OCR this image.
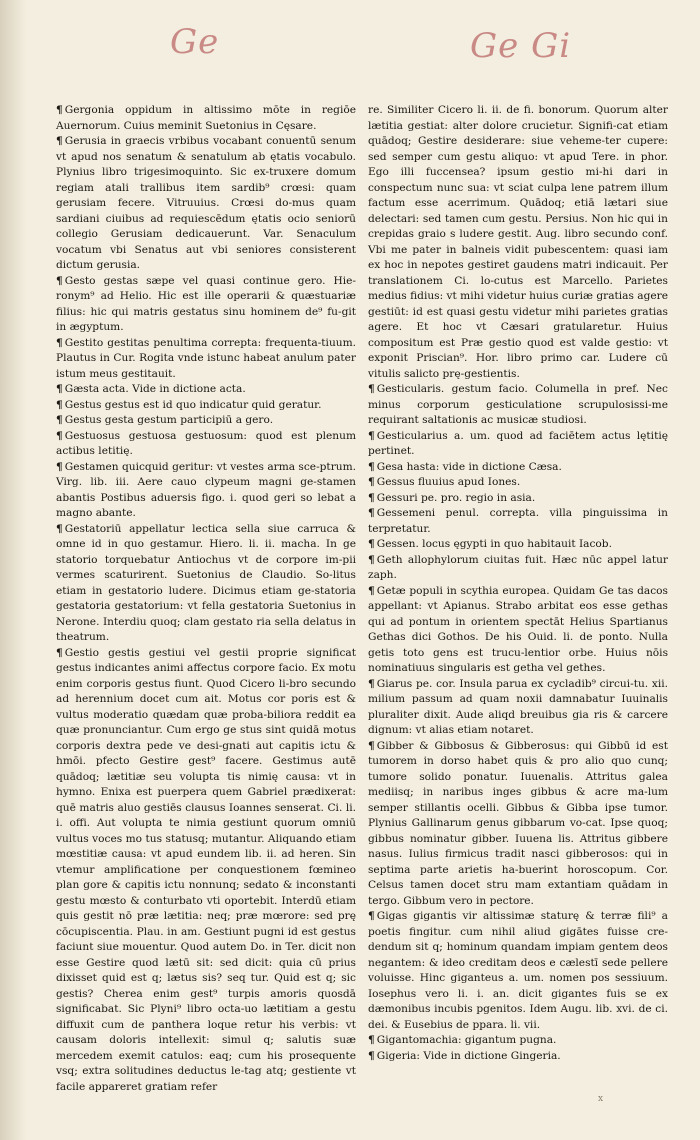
Ge	Ge Gi

¶ Gergonia oppidum in altissimo mōte in regiōe Auernorum. Cuius meminit Suetonius in Cęsare.

¶ Gerusia in graecis vrbibus vocabant conuentū senum vt apud nos senatum & senatulum ab ętatis vocabulo. Plynius libro trigesimoquinto. Sic ex-truxere domum regiam atali trallibus item sardib⁹ crœsi: quam gerusiam fecere. Vitruuius. Crœsi do-mus quam sardiani ciuibus ad requiescēdum ętatis ocio seniorū collegio Gerusiam dedicauerunt. Var. Senaculum vocatum vbi Senatus aut vbi seniores consisterent dictum gerusia.

¶ Gesto gestas sæpe vel quasi continue gero. Hie-ronym⁹ ad Helio. Hic est ille operarii & quæstuariæ filius: hic qui matris gestatus sinu hominem de⁹ fu-git in ægyptum.

¶ Gestito gestitas penultima correpta: frequenta-tiuum. Plautus in Cur. Rogita vnde istunc habeat anulum pater istum meus gestitauit.

¶ Gæsta acta. Vide in dictione acta.

¶ Gestus gestus est id quo indicatur quid geratur.

¶ Gestus gesta gestum participiū a gero.

¶ Gestuosus gestuosa gestuosum: quod est plenum actibus letitię.

¶ Gestamen quicquid geritur: vt vestes arma sce-ptrum. Virg. lib. iii. Aere cauo clypeum magni ge-stamen abantis Postibus aduersis figo. i. quod geri so lebat a magno abante.

¶ Gestatoriū appellatur lectica sella siue carruca & omne id in quo gestamur. Hiero. li. ii. macha. In ge statorio torquebatur Antiochus vt de corpore im-pii vermes scaturirent. Suetonius de Claudio. So-litus etiam in gestatorio ludere. Dicimus etiam ge-statoria gestatoria gestatorium: vt fella gestatoria Suetonius in Nerone. Interdiu quoq; clam gestato ria sella delatus in theatrum.

¶ Gestio gestis gestiui vel gestii proprie significat gestus indicantes animi affectus corpore facio. Ex motu enim corporis gestus fiunt. Quod Cicero li-bro secundo ad herennium docet cum ait. Motus cor poris est & vultus moderatio quædam quæ proba-biliora reddit ea quæ pronunciantur. Cum ergo ge stus sint quidā motus corporis dextra pede ve desi-gnati aut capitis ictu & hmōi. pfecto Gestire gest⁹ facere. Gestimus autē quādoq; lætitiæ seu volupta tis nimię causa: vt in hymno. Enixa est puerpera quem Gabriel prædixerat: quē matris aluo gestiēs clausus Ioannes senserat. Ci. li. i. offi. Aut volupta te nimia gestiunt quorum omniū vultus voces mo tus statusq; mutantur. Aliquando etiam mœstitiæ causa: vt apud eundem lib. ii. ad heren. Sin vtemur amplificatione per conquestionem fœmineo plan gore & capitis ictu nonnunq; sedato & inconstanti gestu mœsto & conturbato vti oportebit. Interdū etiam quis gestit nō præ lætitia: neq; præ mœrore: sed prę cōcupiscentia. Plau. in am. Gestiunt pugni id est gestus faciunt siue mouentur. Quod autem Do. in Ter. dicit non esse Gestire quod lætū sit: sed dicit: quia cū prius dixisset quid est q; lætus sis? seq tur. Quid est q; sic gestis? Cherea enim gest⁹ turpis amoris quosdā significabat. Sic Plyni⁹ libro octa-uo lætitiam a gestu diffuxit cum de panthera loque retur his verbis: vt causam doloris intellexit: simul q; salutis suæ mercedem exemit catulos: eaq; cum his prosequente vsq; extra solitudines deductus le-tag atq; gestiente vt facile appareret gratiam refer

re. Similiter Cicero li. ii. de fi. bonorum. Quorum alter lætitia gestiat: alter dolore crucietur. Signifi-cat etiam quādoq; Gestire desiderare: siue veheme-ter cupere: sed semper cum gestu aliquo: vt apud Tere. in phor. Ego illi fuccensea? ipsum gestio mi-hi dari in conspectum nunc sua: vt sciat culpa lene patrem illum factum esse acerrimum. Quādoq; etiā lætari siue delectari: sed tamen cum gestu. Persius. Non hic qui in crepidas graio s ludere gestit. Aug. libro secundo conf. Vbi me pater in balneis vidit pubescentem: quasi iam ex hoc in nepotes gestiret gaudens matri indicauit. Per translationem Ci. lo-cutus est Marcello. Parietes medius fidius: vt mihi videtur huius curiæ gratias agere gestiūt: id est quasi gestu videtur mihi parietes gratias agere. Et hoc vt Cæsari gratularetur. Huius compositum est Præ gestio quod est valde gestio: vt exponit Priscian⁹. Hor. libro primo car. Ludere cū vitulis salicto prę-gestientis.

¶ Gesticularis. gestum facio. Columella in pref. Nec minus corporum gesticulatione scrupulosissi-me requirant saltationis ac musicæ studiosi.

¶ Gesticularius a. um. quod ad faciētem actus lętitię pertinet.

¶ Gesa hasta: vide in dictione Cæsa.

¶ Gessus fluuius apud Iones.

¶ Gessuri pe. pro. regio in asia.

¶ Gessemeni penul. correpta. villa pinguissima in terpretatur.

¶ Gessen. locus ęgypti in quo habitauit Iacob.

¶ Geth allophylorum ciuitas fuit. Hæc nūc appel latur zaph.

¶ Getæ populi in scythia europea. Quidam Ge tas dacos appellant: vt Apianus. Strabo arbitat eos esse gethas qui ad pontum in orientem spectāt Helius Spartianus Gethas dici Gothos. De his Ouid. li. de ponto. Nulla getis toto gens est trucu-lentior orbe. Huius nōis nominatiuus singularis est getha vel gethes.

¶ Giarus pe. cor. Insula parua ex cycladib⁹ circui-tu. xii. milium passum ad quam noxii damnabatur Iuuinalis pluraliter dixit. Aude aliqd breuibus gia ris & carcere dignum: vt alias etiam notaret.

¶ Gibber & Gibbosus & Gibberosus: qui Gibbū id est tumorem in dorso habet quis & pro alio quo cunq; tumore solido ponatur. Iuuenalis. Attritus galea mediisq; in naribus inges gibbus & acre ma-lum semper stillantis ocelli. Gibbus & Gibba ipse tumor. Plynius Gallinarum genus gibbarum vo-cat. Ipse quoq; gibbus nominatur gibber. Iuuena lis. Attritus gibbere nasus. Iulius firmicus tradit nasci gibberosos: qui in septima parte arietis ha-buerint horoscopum. Cor. Celsus tamen docet stru mam extantiam quādam in tergo. Gibbum vero in pectore.

¶ Gigas gigantis vir altissimæ staturę & terræ fili⁹ a poetis fingitur. cum nihil aliud gigātes fuisse cre-dendum sit q; hominum quandam impiam gentem deos negantem: & ideo creditam deos e cælestī sede pellere voluisse. Hinc giganteus a. um. nomen pos sessiuum. Iosephus vero li. i. an. dicit gigantes fuis se ex dæmonibus incubis pgenitos. Idem Augu. lib. xvi. de ci. dei. & Eusebius de ppara. li. vii.

¶ Gigantomachia: gigantum pugna.

¶ Gigeria: Vide in dictione Gingeria.

x
